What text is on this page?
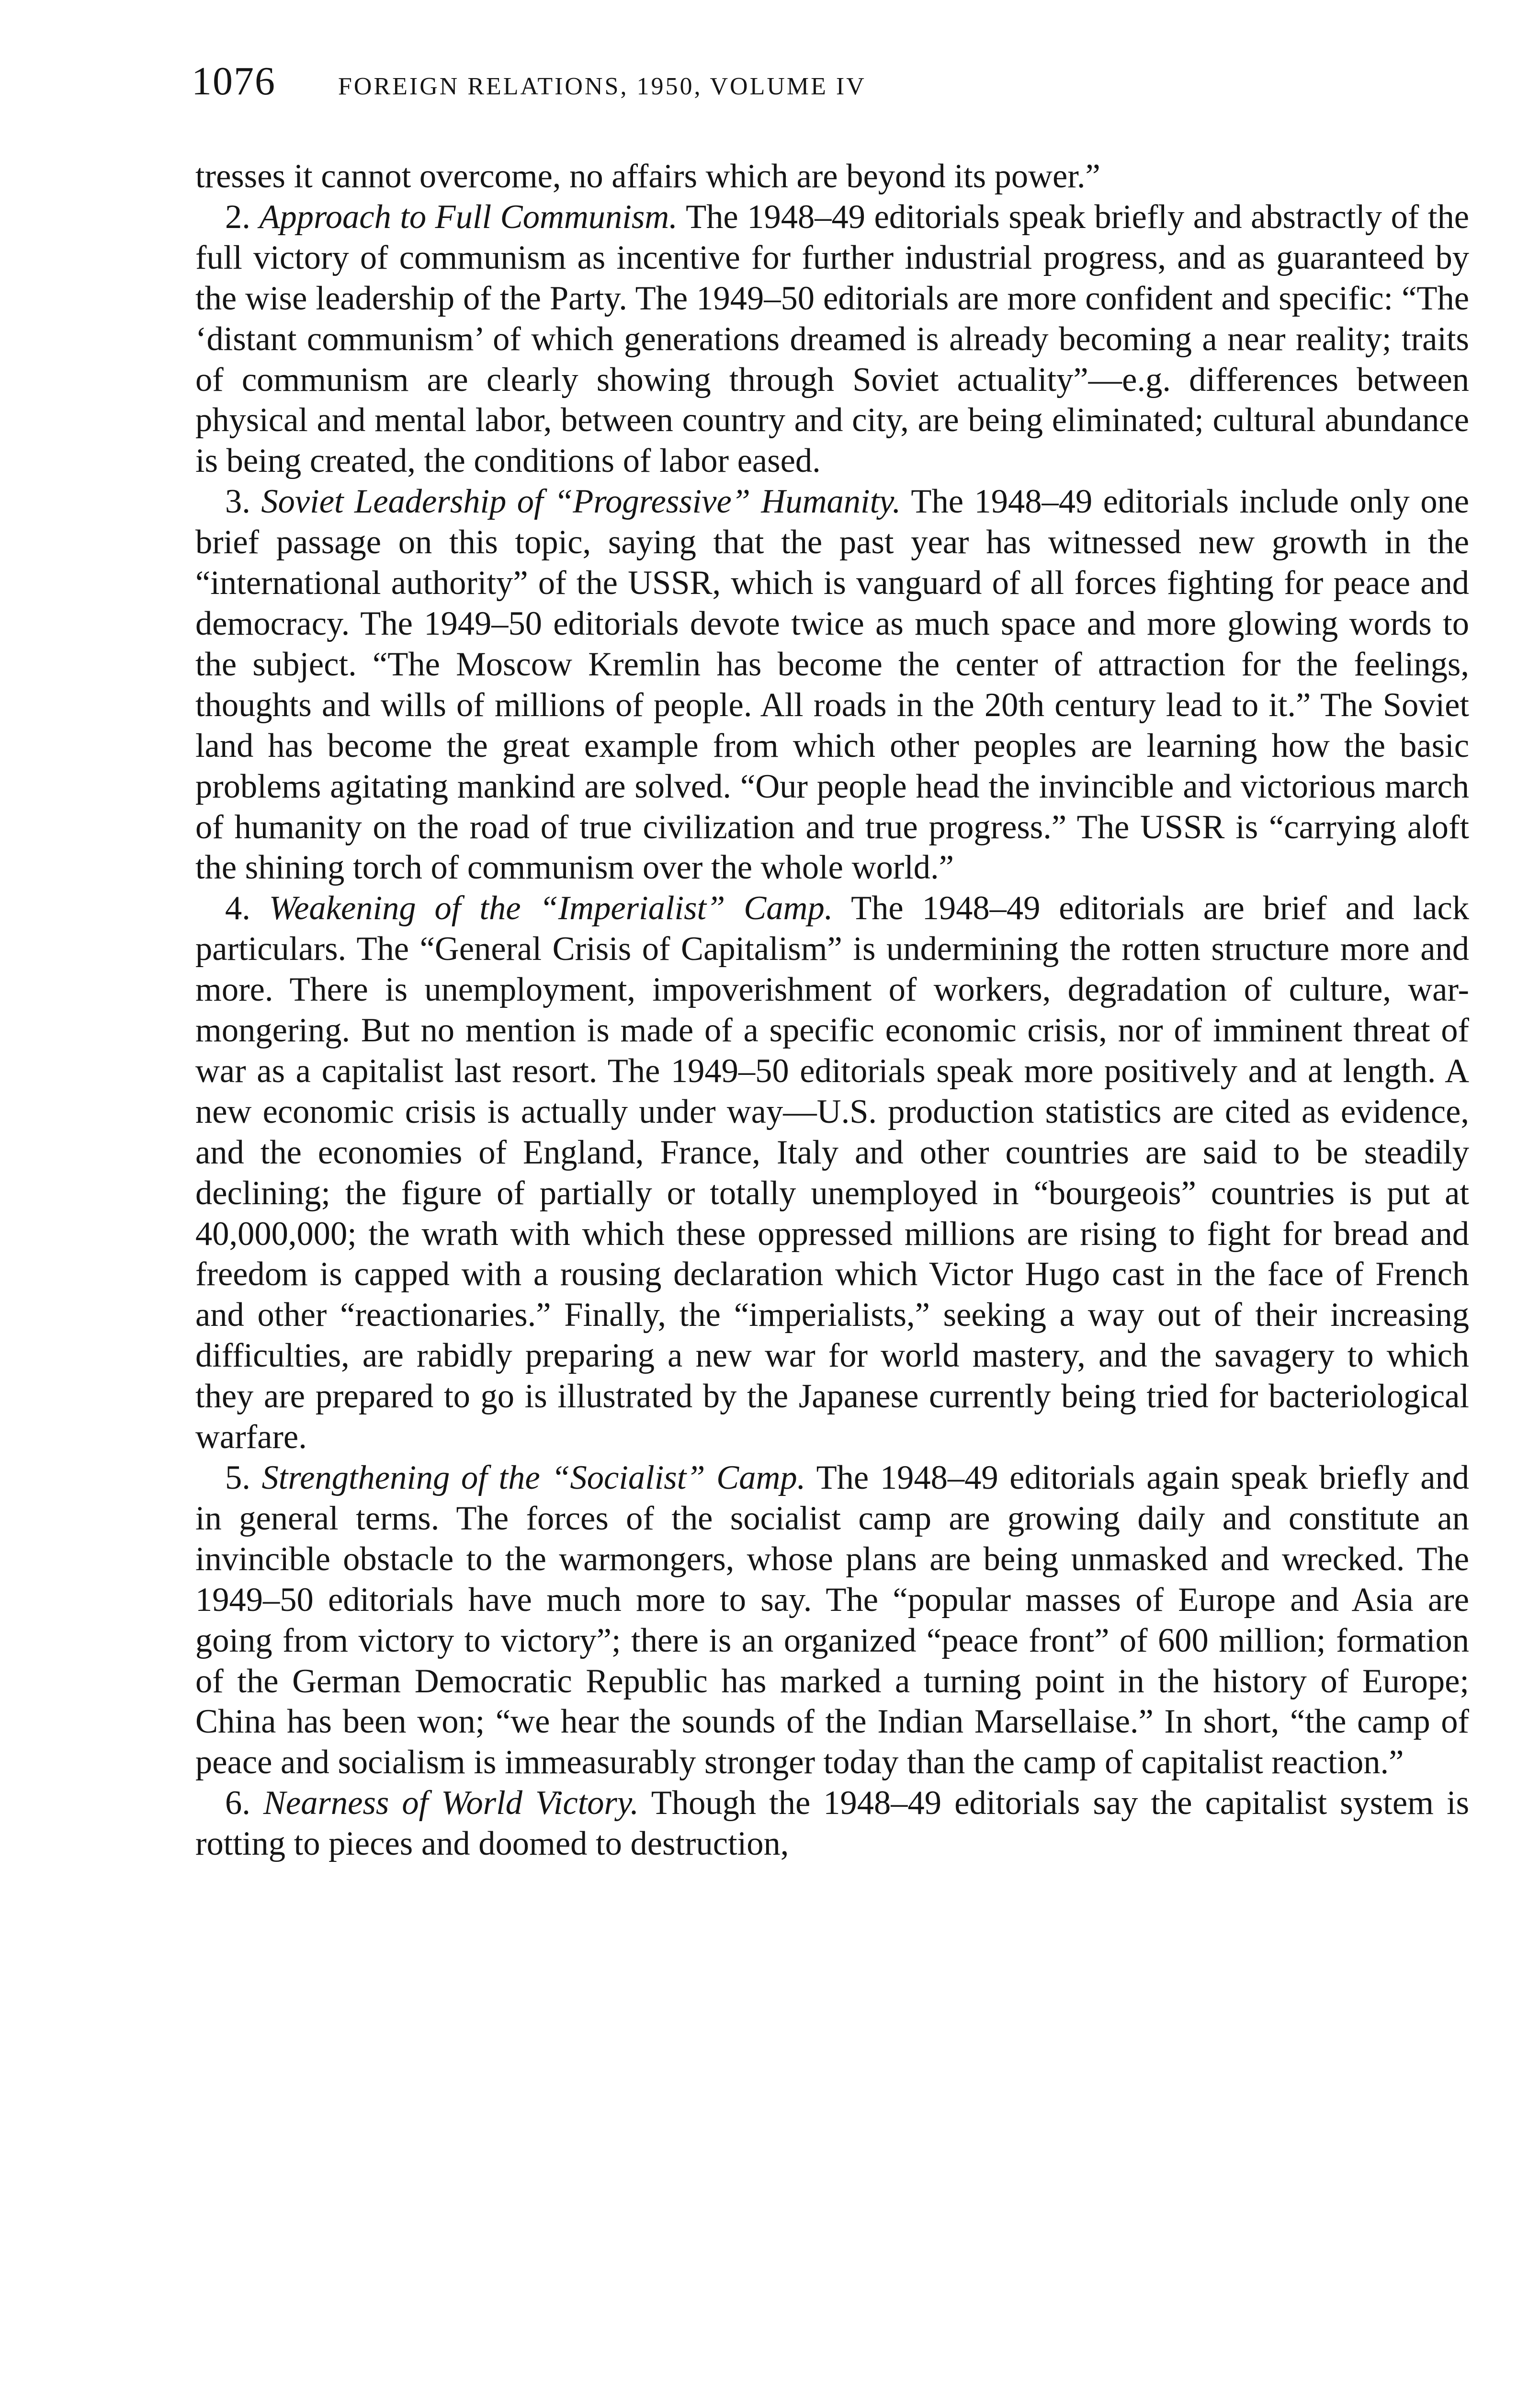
1076	FOREIGN RELATIONS, 1950, VOLUME IV

tresses it cannot overcome, no affairs which are beyond its power.”

2. Approach to Full Communism. The 1948–49 editorials speak briefly and abstractly of the full victory of communism as incentive for further industrial progress, and as guaranteed by the wise leadership of the Party. The 1949–50 editorials are more confident and specific: “The ‘distant communism’ of which generations dreamed is already becoming a near reality; traits of communism are clearly showing through Soviet actuality”—e.g. differences between physical and mental labor, between country and city, are being eliminated; cultural abundance is being created, the conditions of labor eased.

3. Soviet Leadership of “Progressive” Humanity. The 1948–49 editorials include only one brief passage on this topic, saying that the past year has witnessed new growth in the “international authority” of the USSR, which is vanguard of all forces fighting for peace and democracy. The 1949–50 editorials devote twice as much space and more glowing words to the subject. “The Moscow Kremlin has become the center of attraction for the feelings, thoughts and wills of millions of people. All roads in the 20th century lead to it.” The Soviet land has become the great example from which other peoples are learning how the basic problems agitating mankind are solved. “Our people head the invincible and victorious march of humanity on the road of true civilization and true progress.” The USSR is “carrying aloft the shining torch of communism over the whole world.”

4. Weakening of the “Imperialist” Camp. The 1948–49 editorials are brief and lack particulars. The “General Crisis of Capitalism” is undermining the rotten structure more and more. There is unemployment, impoverishment of workers, degradation of culture, war-mongering. But no mention is made of a specific economic crisis, nor of imminent threat of war as a capitalist last resort. The 1949–50 editorials speak more positively and at length. A new economic crisis is actually under way—U.S. production statistics are cited as evidence, and the economies of England, France, Italy and other countries are said to be steadily declining; the figure of partially or totally unemployed in “bourgeois” countries is put at 40,000,000; the wrath with which these oppressed millions are rising to fight for bread and freedom is capped with a rousing declaration which Victor Hugo cast in the face of French and other “reactionaries.” Finally, the “imperialists,” seeking a way out of their increasing difficulties, are rabidly preparing a new war for world mastery, and the savagery to which they are prepared to go is illustrated by the Japanese currently being tried for bacteriological warfare.

5. Strengthening of the “Socialist” Camp. The 1948–49 editorials again speak briefly and in general terms. The forces of the socialist camp are growing daily and constitute an invincible obstacle to the warmongers, whose plans are being unmasked and wrecked. The 1949–50 editorials have much more to say. The “popular masses of Europe and Asia are going from victory to victory”; there is an organized “peace front” of 600 million; formation of the German Democratic Republic has marked a turning point in the history of Europe; China has been won; “we hear the sounds of the Indian Marsellaise.” In short, “the camp of peace and socialism is immeasurably stronger today than the camp of capitalist reaction.”

6. Nearness of World Victory. Though the 1948–49 editorials say the capitalist system is rotting to pieces and doomed to destruction,
